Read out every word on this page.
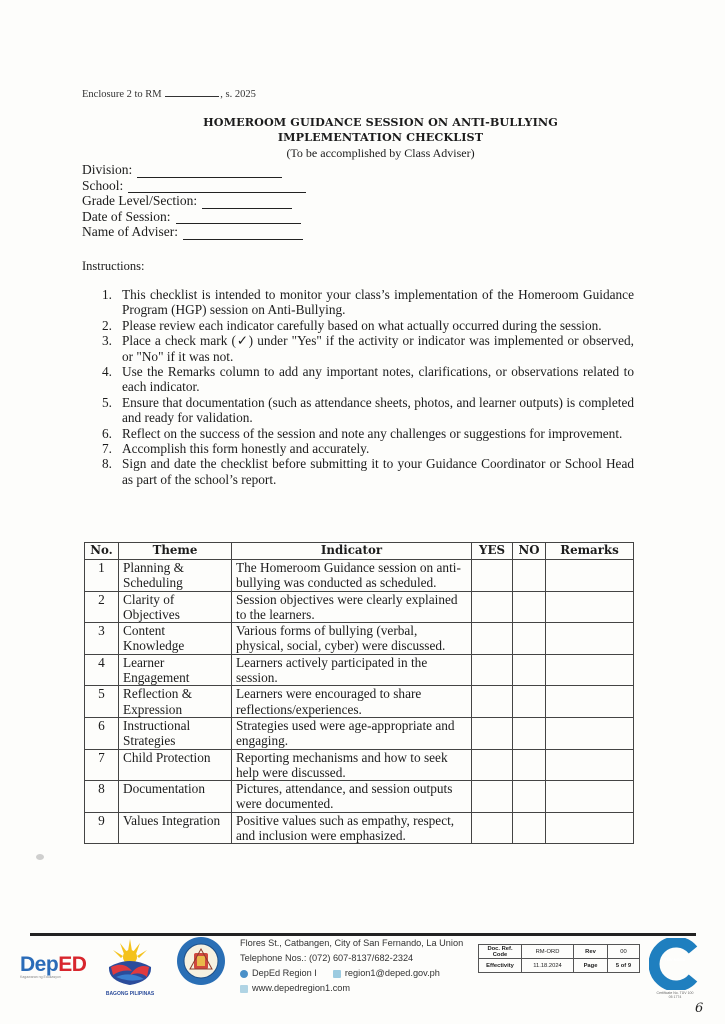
Enclosure 2 to RM	, s. 2025
HOMEROOM GUIDANCE SESSION ON ANTI-BULLYING
IMPLEMENTATION CHECKLIST
(To be accomplished by Class Adviser)
Division:
School:
Grade Level/Section:
Date of Session:
Name of Adviser:
Instructions:
1. This checklist is intended to monitor your class’s implementation of the Homeroom Guidance Program (HGP) session on Anti-Bullying.
2. Please review each indicator carefully based on what actually occurred during the session.
3. Place a check mark (✓) under "Yes" if the activity or indicator was implemented or observed, or "No" if it was not.
4. Use the Remarks column to add any important notes, clarifications, or observations related to each indicator.
5. Ensure that documentation (such as attendance sheets, photos, and learner outputs) is completed and ready for validation.
6. Reflect on the success of the session and note any challenges or suggestions for improvement.
7. Accomplish this form honestly and accurately.
8. Sign and date the checklist before submitting it to your Guidance Coordinator or School Head as part of the school’s report.
No.	Theme	Indicator	YES	NO	Remarks
1	Planning & Scheduling	The Homeroom Guidance session on anti-bullying was conducted as scheduled.			
2	Clarity of Objectives	Session objectives were clearly explained to the learners.			
3	Content Knowledge	Various forms of bullying (verbal, physical, social, cyber) were discussed.			
4	Learner Engagement	Learners actively participated in the session.			
5	Reflection & Expression	Learners were encouraged to share reflections/experiences.			
6	Instructional Strategies	Strategies used were age-appropriate and engaging.			
7	Child Protection	Reporting mechanisms and how to seek help were discussed.			
8	Documentation	Pictures, attendance, and session outputs were documented.			
9	Values Integration	Positive values such as empathy, respect, and inclusion were emphasized.			
DepED
Kagawaran ng Edukasyon
BAGONG PILIPINAS
Flores St., Catbangen, City of San Fernando, La Union
Telephone Nos.: (072) 607-8137/682-2324
DepEd Region I	region1@deped.gov.ph
www.depedregion1.com
Doc. Ref. Code	RM-ORD	Rev	00
Effectivity	11.18.2024	Page	5 of 9
TÜV NORD
Certificate No. TÜV 100 05 1774
6
